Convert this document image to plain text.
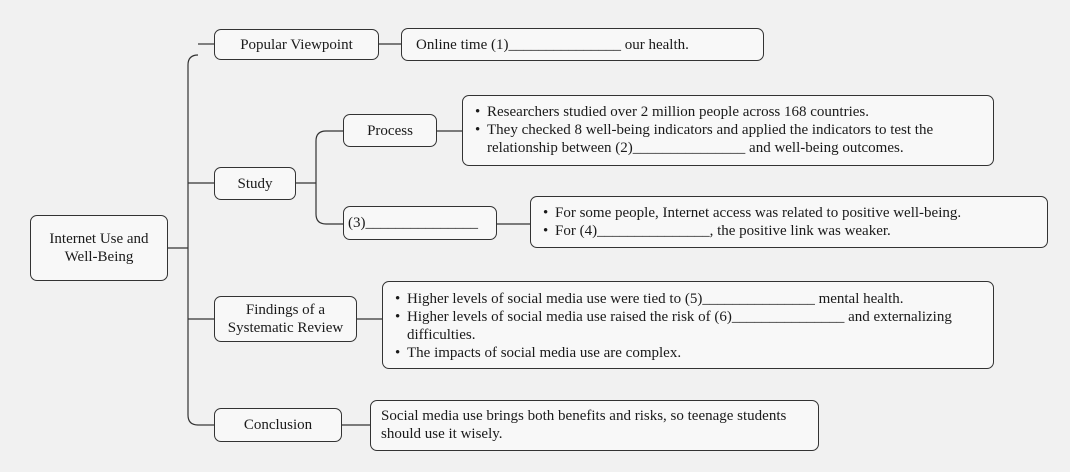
Internet Use and
Well-Being
Popular Viewpoint	Online time (1)_______________ our health.
Study
Process
• Researchers studied over 2 million people across 168 countries.
• They checked 8 well-being indicators and applied the indicators to test the relationship between (2)_______________ and well-being outcomes.
(3)_______________
• For some people, Internet access was related to positive well-being.
• For (4)_______________, the positive link was weaker.
Findings of a
Systematic Review
• Higher levels of social media use were tied to (5)_______________ mental health.
• Higher levels of social media use raised the risk of (6)_______________ and externalizing difficulties.
• The impacts of social media use are complex.
Conclusion
Social media use brings both benefits and risks, so teenage students should use it wisely.
